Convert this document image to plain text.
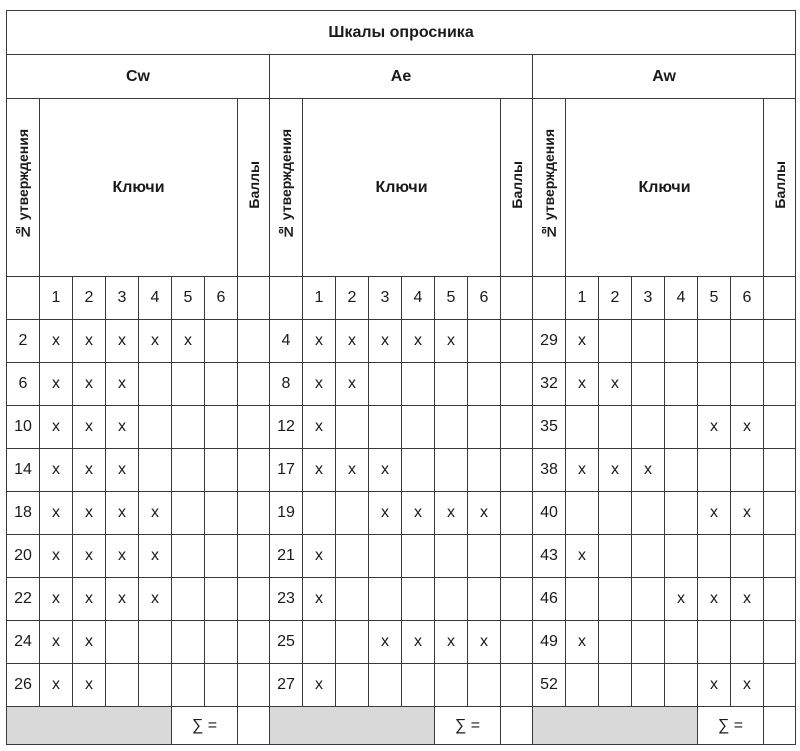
Шкалы опросника																							
Cw								Ae								Aw							
№ утверждения	Ключи						Баллы	№ утверждения	Ключи						Баллы	№ утверждения	Ключи						Баллы
	1	2	3	4	5	6			1	2	3	4	5	6			1	2	3	4	5	6	
2	x	x	x	x	x			4	x	x	x	x	x			29	x						
6	x	x	x					8	x	x						32	x	x					
10	x	x	x					12	x							35					x	x	
14	x	x	x					17	x	x	x					38	x	x	x				
18	x	x	x	x				19			x	x	x	x		40					x	x	
20	x	x	x	x				21	x							43	x						
22	x	x	x	x				23	x							46				x	x	x	
24	x	x						25			x	x	x	x		49	x						
26	x	x						27	x							52					x	x	
					∑ =								∑ =								∑ =		
